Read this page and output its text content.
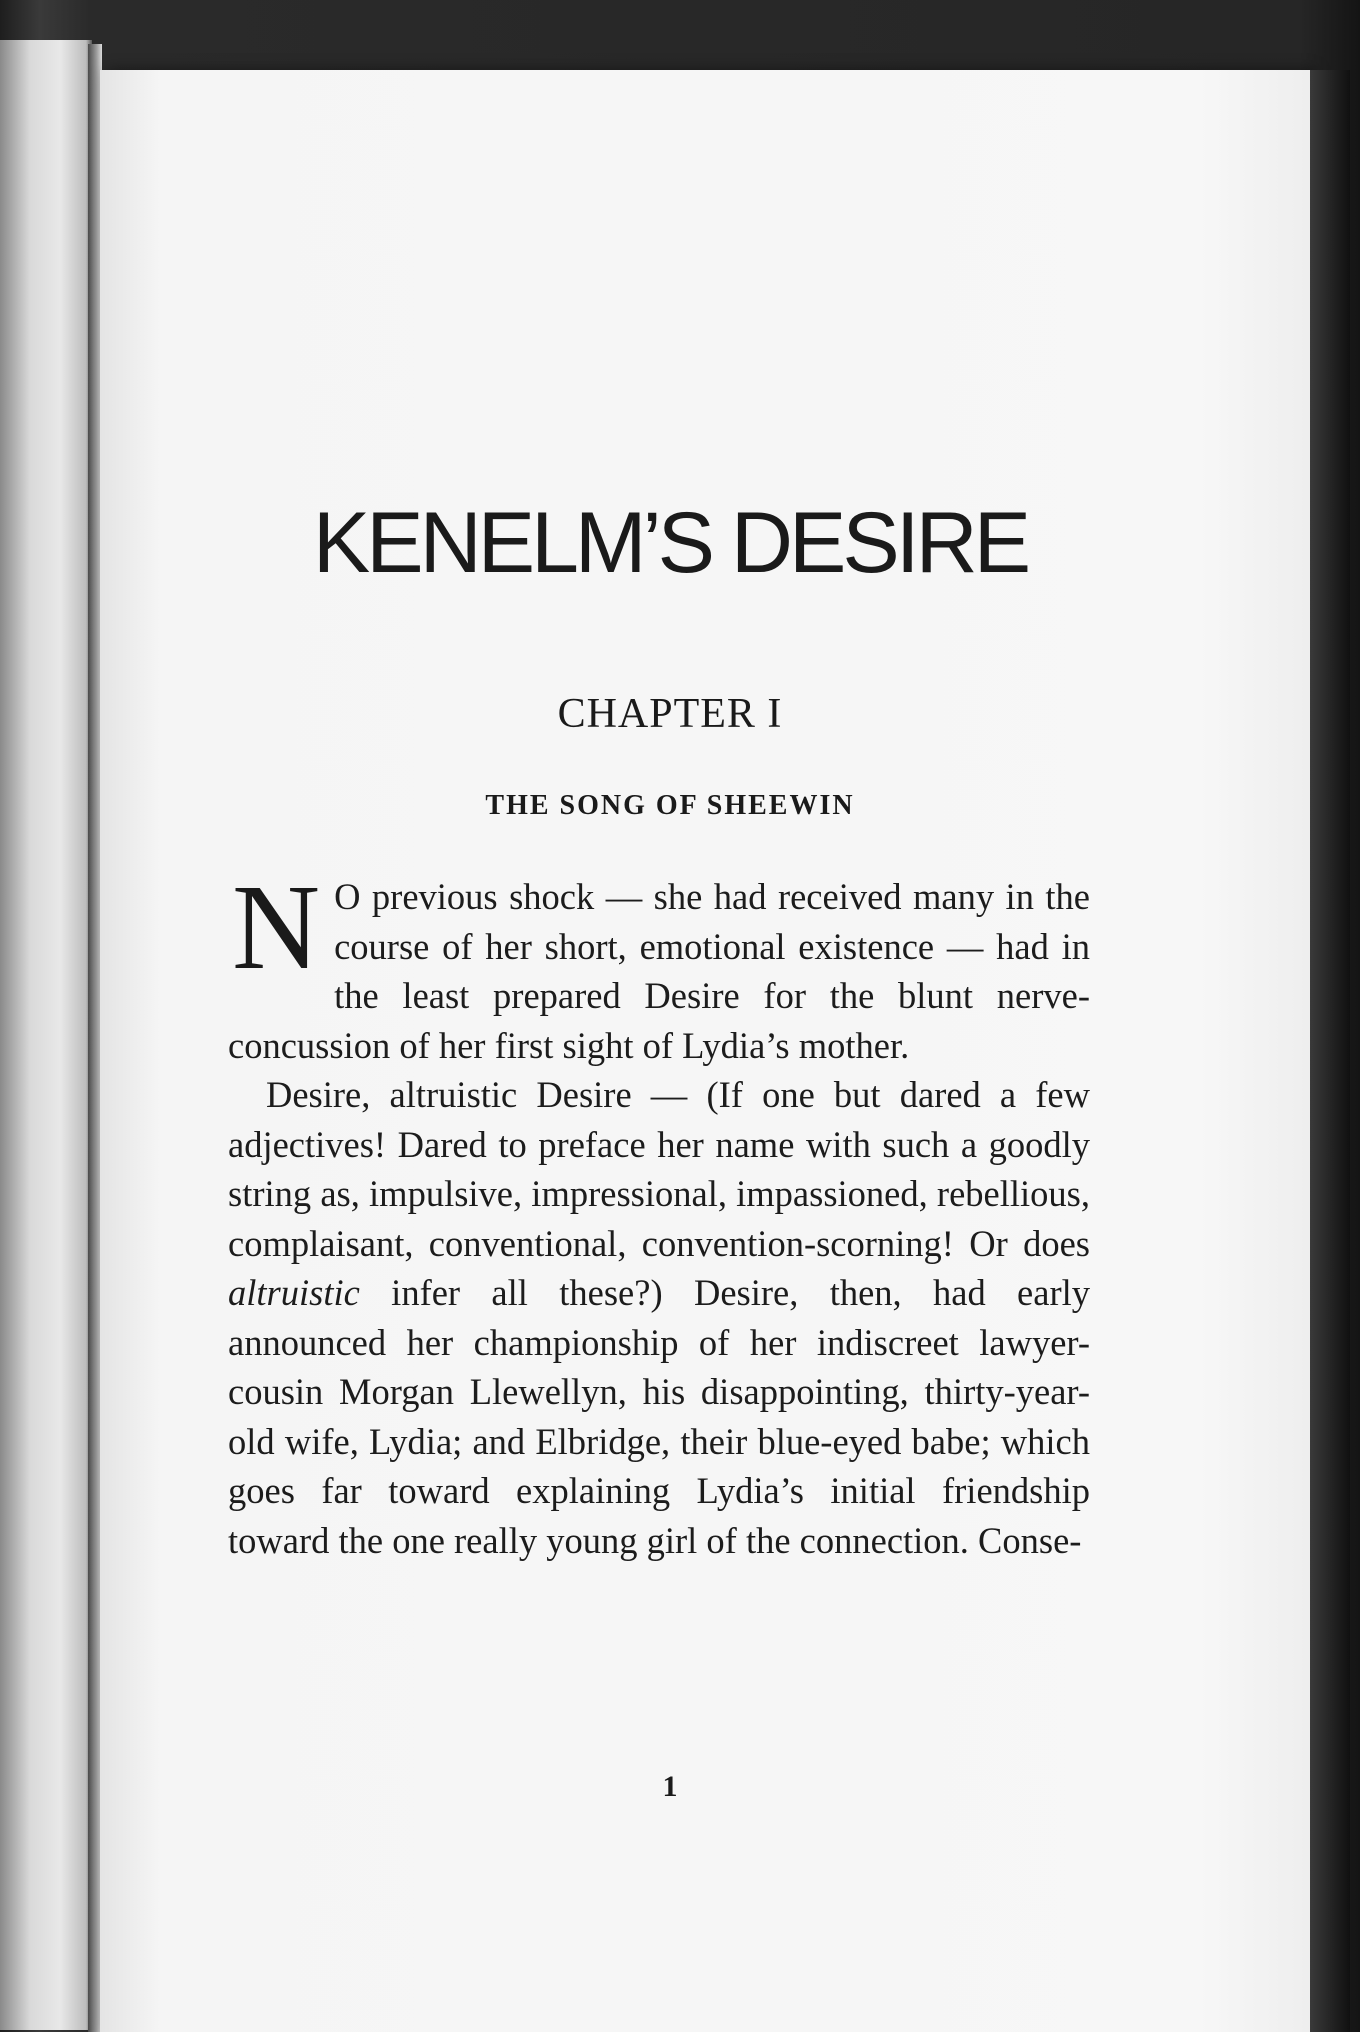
KENELM’S DESIRE
CHAPTER I
THE SONG OF SHEEWIN

N O previous shock — she had received many in the course of her short, emotional existence — had in the least prepared Desire for the blunt nerve-concussion of her first sight of Lydia’s mother.

Desire, altruistic Desire — (If one but dared a few adjectives! Dared to preface her name with such a goodly string as, impulsive, impressional, impassioned, rebellious, complaisant, conventional, convention-scorning! Or does altruistic infer all these?) Desire, then, had early announced her championship of her indiscreet lawyer-cousin Morgan Llewellyn, his disappointing, thirty-year-old wife, Lydia; and Elbridge, their blue-eyed babe; which goes far toward explaining Lydia’s initial friendship toward the one really young girl of the connection. Conse-

1
